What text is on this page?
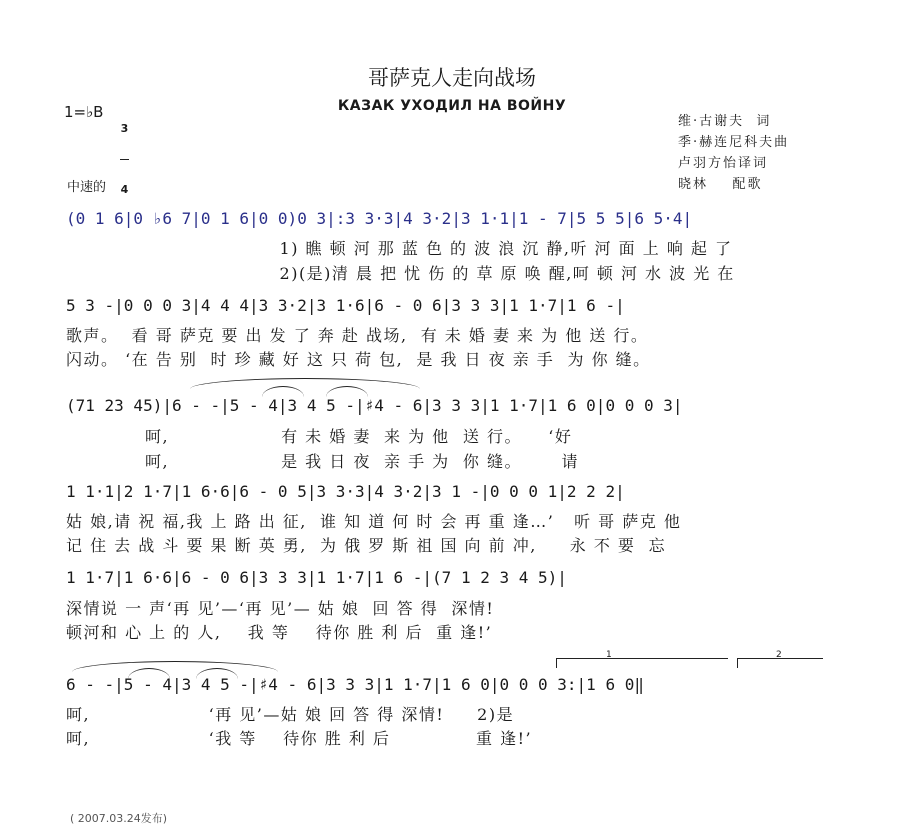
哥萨克人走向战场
КАЗАК УХОДИЛ НА ВОЙНУ
1=♭B

3

4

维·古谢夫  词
季·赫连尼科夫曲
卢羽方怡译词
晓林    配歌
中速的
(0 1 6|0 ♭6 7|0 1 6|0 0)0 3|:3 3·3|4 3·2|3 1·1|1 - 7|5 5 5|6 5·4|
1) 瞧 顿 河 那 蓝 色 的 波 浪 沉 静,听 河 面 上 响 起 了
2)(是)清 晨 把 忧 伤 的 草 原 唤 醒,呵 顿 河 水 波 光 在
5 3 -|0 0 0 3|4 4 4|3 3·2|3 1·6|6 - 0 6|3 3 3|1 1·7|1 6 -|
歌声。  看 哥 萨克 要 出 发 了 奔 赴 战场,  有 未 婚 妻 来 为 他 送 行。
闪动。 ‘在 告 别  时 珍 藏 好 这 只 荷 包,  是 我 日 夜 亲 手  为 你 缝。
(71 23 45)|6 - -|5 - 4|3 4 5 -|♯4 - 6|3 3 3|1 1·7|1 6 0|0 0 0 3|
呵,                 有 未 婚 妻  来 为 他  送 行。    ‘好
呵,                 是 我 日 夜  亲 手 为  你 缝。      请
1 1·1|2 1·7|1 6·6|6 - 0 5|3 3·3|4 3·2|3 1 -|0 0 0 1|2 2 2|
姑 娘,请 祝 福,我 上 路 出 征,  谁 知 道 何 时 会 再 重 逢…’   听 哥 萨克 他
记 住 去 战 斗 要 果 断 英 勇,  为 俄 罗 斯 祖 国 向 前 冲,     永 不 要  忘
1 1·7|1 6·6|6 - 0 6|3 3 3|1 1·7|1 6 -|(7 1 2 3 4 5)|
深情说 一 声‘再 见’—‘再 见’— 姑 娘  回 答 得  深情!
顿河和 心 上 的 人,    我 等    待你 胜 利 后  重 逢!’
1	2
6 - -|5 - 4|3 4 5 -|♯4 - 6|3 3 3|1 1·7|1 6 0|0 0 0 3:|1 6 0‖
呵,                  ‘再 见’—姑 娘 回 答 得 深情!     2)是
呵,                  ‘我 等    待你 胜 利 后             重 逢!’
( 2007.03.24发布)
